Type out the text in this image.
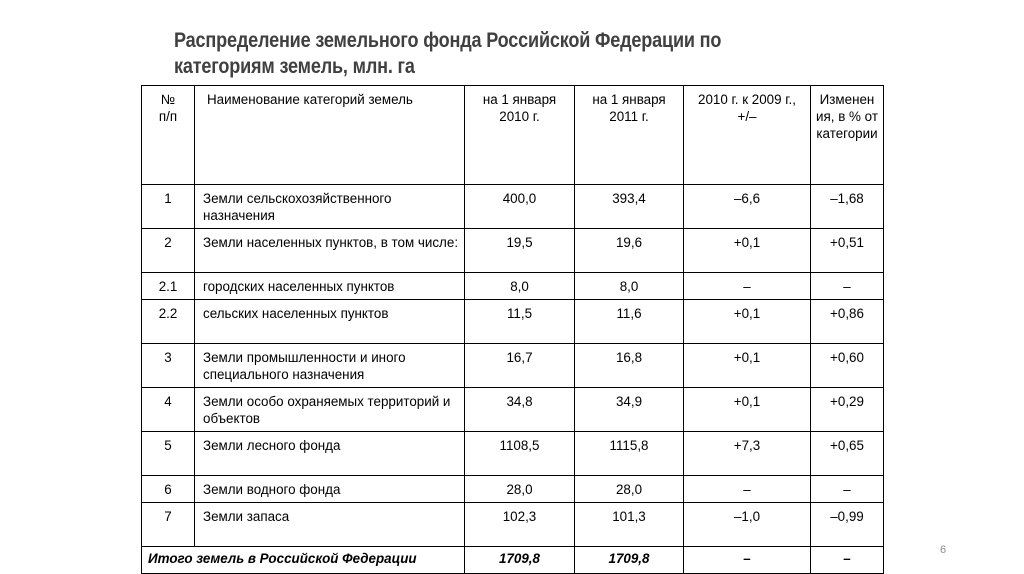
Распределение земельного фонда Российской Федерации по категориям земель, млн. га
№ п/п	Наименование категорий земель	на 1 января 2010 г.	на 1 января 2011 г.	2010 г. к 2009 г., +/–	Изменения, в % от категории

1	Земли сельскохозяйственного назначения	400,0	393,4	–6,6	–1,68
2	Земли населенных пунктов, в том числе:	19,5	19,6	+0,1	+0,51
2.1	городских населенных пунктов	8,0	8,0	–	–
2.2	сельских населенных пунктов	11,5	11,6	+0,1	+0,86
3	Земли промышленности и иного специального назначения	16,7	16,8	+0,1	+0,60
4	Земли особо охраняемых территорий и объектов	34,8	34,9	+0,1	+0,29
5	Земли лесного фонда	1108,5	1115,8	+7,3	+0,65
6	Земли водного фонда	28,0	28,0	–	–
7	Земли запаса	102,3	101,3	–1,0	–0,99
Итого земель в Российской Федерации		1709,8	1709,8	–	–
6
